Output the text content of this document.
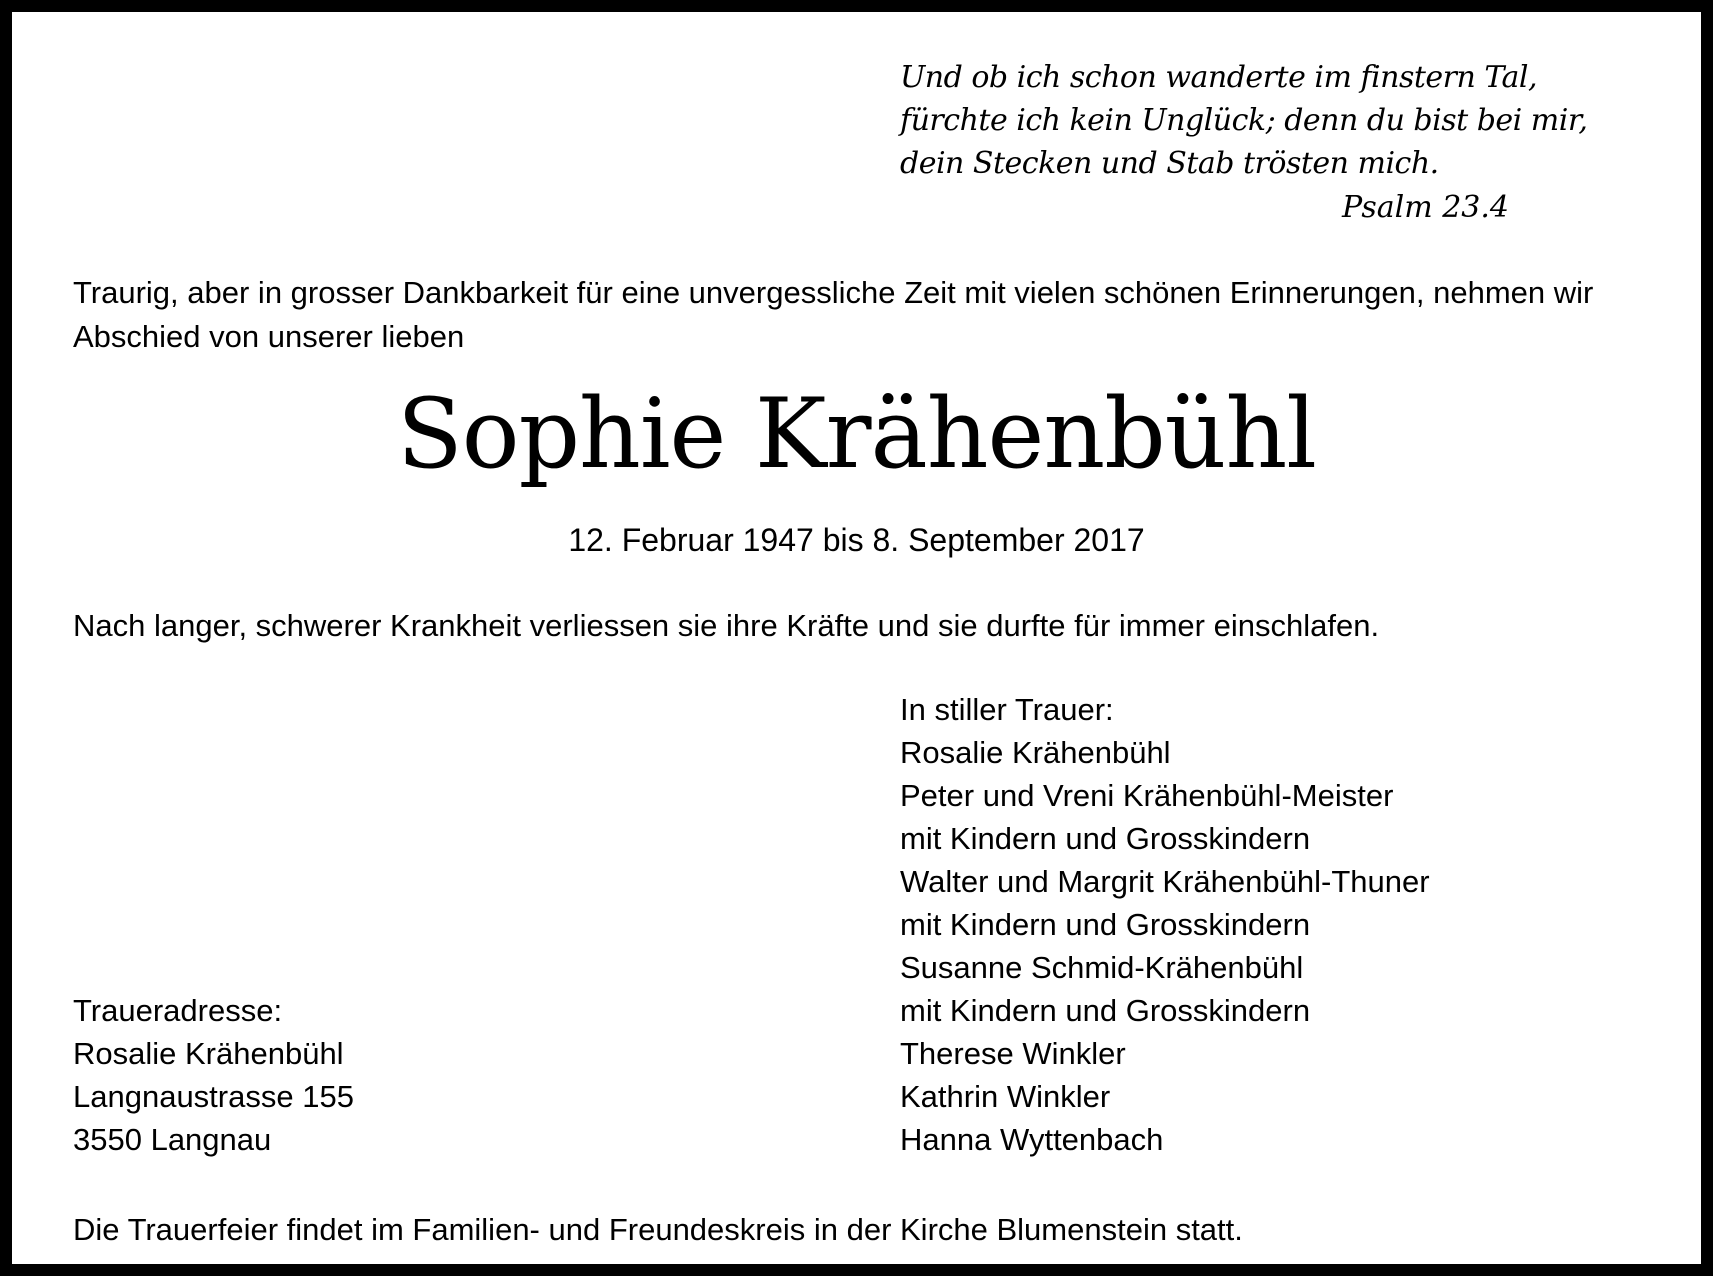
Und ob ich schon wanderte im finstern Tal,
fürchte ich kein Unglück; denn du bist bei mir,
dein Stecken und Stab trösten mich.
Psalm 23.4
Traurig, aber in grosser Dankbarkeit für eine unvergessliche Zeit mit vielen schönen Erinnerungen, nehmen wir
Abschied von unserer lieben
Sophie Krähenbühl
12. Februar 1947 bis 8. September 2017
Nach langer, schwerer Krankheit verliessen sie ihre Kräfte und sie durfte für immer einschlafen.
In stiller Trauer:
Rosalie Krähenbühl
Peter und Vreni Krähenbühl-Meister
mit Kindern und Grosskindern
Walter und Margrit Krähenbühl-Thuner
mit Kindern und Grosskindern
Susanne Schmid-Krähenbühl
mit Kindern und Grosskindern
Therese Winkler
Kathrin Winkler
Hanna Wyttenbach
Traueradresse:
Rosalie Krähenbühl
Langnaustrasse 155
3550 Langnau
Die Trauerfeier findet im Familien- und Freundeskreis in der Kirche Blumenstein statt.
